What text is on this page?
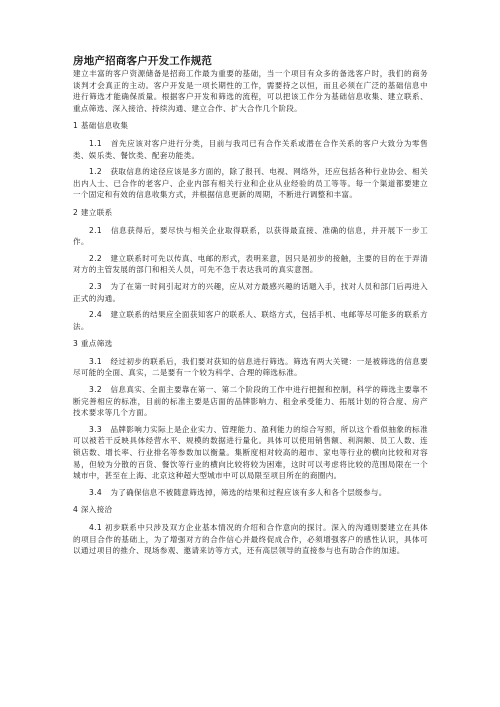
房地产招商客户开发工作规范

建立丰富的客户资源储备是招商工作最为重要的基础，当一个项目有众多的备选客户时，我们的商务谈判才会真正的主动。客户开发是一项长期性的工作，需要持之以恒，而且必须在广泛的基础信息中进行筛选才能确保质量。根据客户开发和筛选的流程，可以把该工作分为基础信息收集、建立联系、重点筛选、深入接洽、持续沟通、建立合作、扩大合作几个阶段。

1 基础信息收集

1.1 首先应该对客户进行分类，目前与我司已有合作关系或潜在合作关系的客户大致分为零售类、娱乐类、餐饮类、配套功能类。

1.2 获取信息的途径应该是多方面的，除了报刊、电视、网络外，还应包括各种行业协会、相关出内人士、已合作的老客户、企业内部有相关行业和企业从业经验的员工等等。每一个渠道都要建立一个固定和有效的信息收集方式，并根据信息更新的周期，不断进行调整和丰富。

2 建立联系

2.1 信息获得后，要尽快与相关企业取得联系，以获得最直接、准确的信息，并开展下一步工作。

2.2 建立联系时可先以传真、电邮的形式，表明来意，因只是初步的接触，主要的目的在于弄清对方的主管发展的部门和相关人员，可先不急于表达我司的真实意图。

2.3 为了在第一时间引起对方的兴趣，应从对方最感兴趣的话题入手，找对人员和部门后再进入正式的沟通。

2.4 建立联系的结果应全面获知客户的联系人、联络方式，包括手机、电邮等尽可能多的联系方法。

3 重点筛选

3.1 经过初步的联系后，我们要对获知的信息进行筛选。筛选有两大关键：一是被筛选的信息要尽可能的全面、真实，二是要有一个较为科学、合理的筛选标准。

3.2 信息真实、全面主要靠在第一、第二个阶段的工作中进行把握和控制，科学的筛选主要靠不断完善相应的标准，目前的标准主要是店面的品牌影响力、租金承受能力、拓展计划的符合度、房产技术要求等几个方面。

3.3 品牌影响力实际上是企业实力、管理能力、盈利能力的综合写照，所以这个看似抽象的标准可以被若干反映具体经营水平、规模的数据进行量化。具体可以使用销售额、利润额、员工人数、连锁店数、增长率、行业排名等参数加以衡量。集断度相对较高的超市、家电等行业的横向比较和对容易，但较为分散的百货、餐饮等行业的横向比较将较为困难，这时可以考虑将比较的范围局限在一个城市中，甚至在上海、北京这种超大型城市中可以局限至项目所在的商圈内。

3.4 为了确保信息不被随意筛选掉，筛选的结果和过程应该有多人和各个层级参与。

4 深入接洽

4.1 初步联系中只涉及双方企业基本情况的介绍和合作意向的探讨。深入的沟通则要建立在具体的项目合作的基础上，为了增强对方的合作信心并最终促成合作，必须增强客户的感性认识，具体可以通过项目的推介、现场参观、邀请来访等方式，还有高层领导的直接参与也有助合作的加速。
